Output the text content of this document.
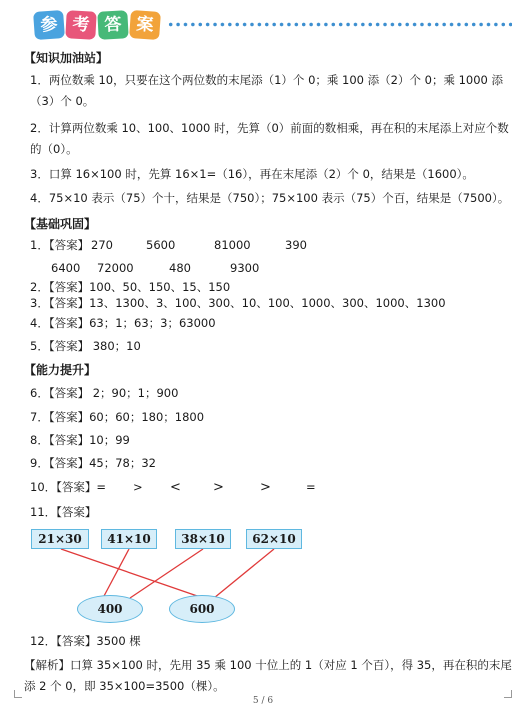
参 考 答 案
【知识加油站】
1．两位数乘 10，只要在这个两位数的末尾添（1）个 0；乘 100 添（2）个 0；乘 1000 添（3）个 0。
2．计算两位数乘 10、100、1000 时，先算（0）前面的数相乘，再在积的末尾添上对应个数的（0）。
3．口算 16×100 时，先算 16×1=（16），再在末尾添（2）个 0，结果是（1600）。
4．75×10 表示（75）个十，结果是（750）；75×100 表示（75）个百，结果是（7500）。
【基础巩固】
1．【答案】 270	5600	81000	390
6400 72000	480	9300
2．【答案】100、50、150、15、150
3．【答案】13、1300、3、100、300、10、100、1000、300、1000、1300
4．【答案】63；1；63；3；63000
5．【答案】 380；10
【能力提升】
6．【答案】 2；90；1；900
7．【答案】60；60；180；1800
8．【答案】10；99
9．【答案】45；78；32
10．【答案】= > < >	>	=
11．【答案】
21×30	41×10	38×10	62×10
400	600
12．【答案】3500 棵
【解析】口算 35×100 时，先用 35 乘 100 十位上的 1（对应 1 个百），得 35，再在积的末尾添 2 个 0，即 35×100=3500（棵）。
5 / 6
